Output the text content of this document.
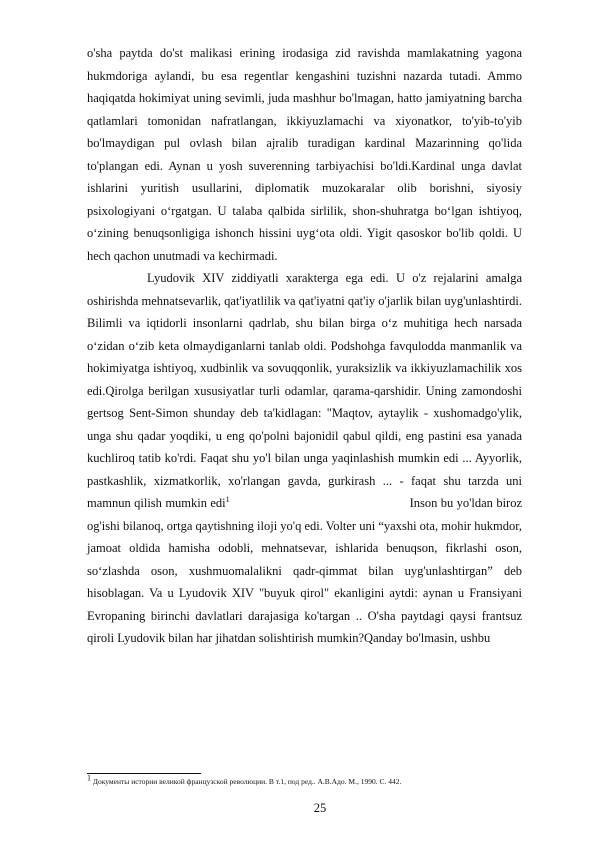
o'sha paytda do'st malikasi erining irodasiga zid ravishda mamlakatning yagona hukmdoriga aylandi, bu esa regentlar kengashini tuzishni nazarda tutadi. Ammo haqiqatda hokimiyat uning sevimli, juda mashhur bo'lmagan, hatto jamiyatning barcha qatlamlari tomonidan nafratlangan, ikkiyuzlamachi va xiyonatkor, to'yib-to'yib bo'lmaydigan pul ovlash bilan ajralib turadigan kardinal Mazarinning qo'lida to'plangan edi. Aynan u yosh suverenning tarbiyachisi bo'ldi.Kardinal unga davlat ishlarini yuritish usullarini, diplomatik muzokaralar olib borishni, siyosiy psixologiyani o‘rgatgan. U talaba qalbida sirlilik, shon-shuhratga bo‘lgan ishtiyoq, o‘zining benuqsonligiga ishonch hissini uyg‘ota oldi. Yigit qasoskor bo'lib qoldi. U hech qachon unutmadi va kechirmadi.

Lyudovik XIV ziddiyatli xarakterga ega edi. U o'z rejalarini amalga oshirishda mehnatsevarlik, qat'iyatlilik va qat'iyatni qat'iy o'jarlik bilan uyg'unlashtirdi. Bilimli va iqtidorli insonlarni qadrlab, shu bilan birga o‘z muhitiga hech narsada o‘zidan o‘zib keta olmaydiganlarni tanlab oldi. Podshohga favqulodda manmanlik va hokimiyatga ishtiyoq, xudbinlik va sovuqqonlik, yuraksizlik va ikkiyuzlamachilik xos edi.Qirolga berilgan xususiyatlar turli odamlar, qarama-qarshidir. Uning zamondoshi gertsog Sent-Simon shunday deb ta'kidlagan: "Maqtov, aytaylik - xushomadgo'ylik, unga shu qadar yoqdiki, u eng qo'polni bajonidil qabul qildi, eng pastini esa yanada kuchliroq tatib ko'rdi. Faqat shu yo'l bilan unga yaqinlashish mumkin edi ... Ayyorlik, pastkashlik, xizmatkorlik, xo'rlangan gavda, gurkirash ... - faqat shu tarzda uni mamnun qilish mumkin edi$^1$	Inson bu yo'ldan biroz og'ishi bilanoq, ortga qaytishning iloji yo'q edi. Volter uni “yaxshi ota, mohir hukmdor, jamoat oldida hamisha odobli, mehnatsevar, ishlarida benuqson, fikrlashi oson, so‘zlashda oson, xushmuomalalikni qadr-qimmat bilan uyg'unlashtirgan” deb hisoblagan. Va u Lyudovik XIV "buyuk qirol" ekanligini aytdi: aynan u Fransiyani Evropaning birinchi davlatlari darajasiga ko'targan .. O'sha paytdagi qaysi frantsuz qiroli Lyudovik bilan har jihatdan solishtirish mumkin?Qanday bo'lmasin, ushbu

$^1$ Документы истории великой французской революции. В т.1, под ред.. А.В.Адо. М., 1990. С. 442.
25
